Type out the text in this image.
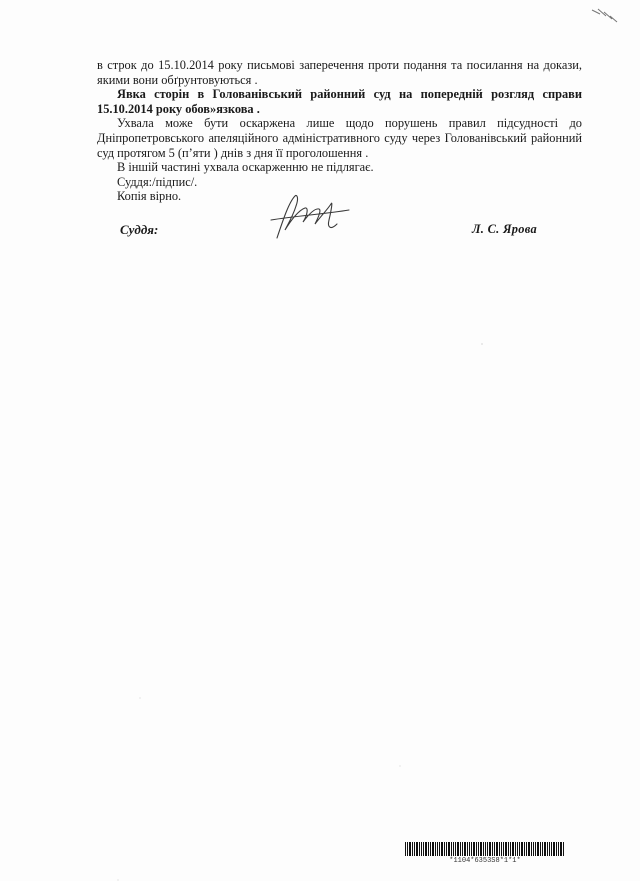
в строк до 15.10.2014 року письмові заперечення проти подання та посилання на докази, якими вони обґрунтовуються .

Явка сторін в Голованівський районний суд на попередній розгляд справи 15.10.2014 року обов»язкова .

Ухвала може бути оскаржена лише щодо порушень правил підсудності до Дніпропетровського апеляційного адміністративного суду через Голованівський районний суд протягом 5 (п’яти ) днів з дня її проголошення .

В іншій частині ухвала оскарженню не підлягає.

Суддя:/підпис/.

Копія вірно.

Суддя:	Л. С. Ярова
*1104*6353S8*1*1*
